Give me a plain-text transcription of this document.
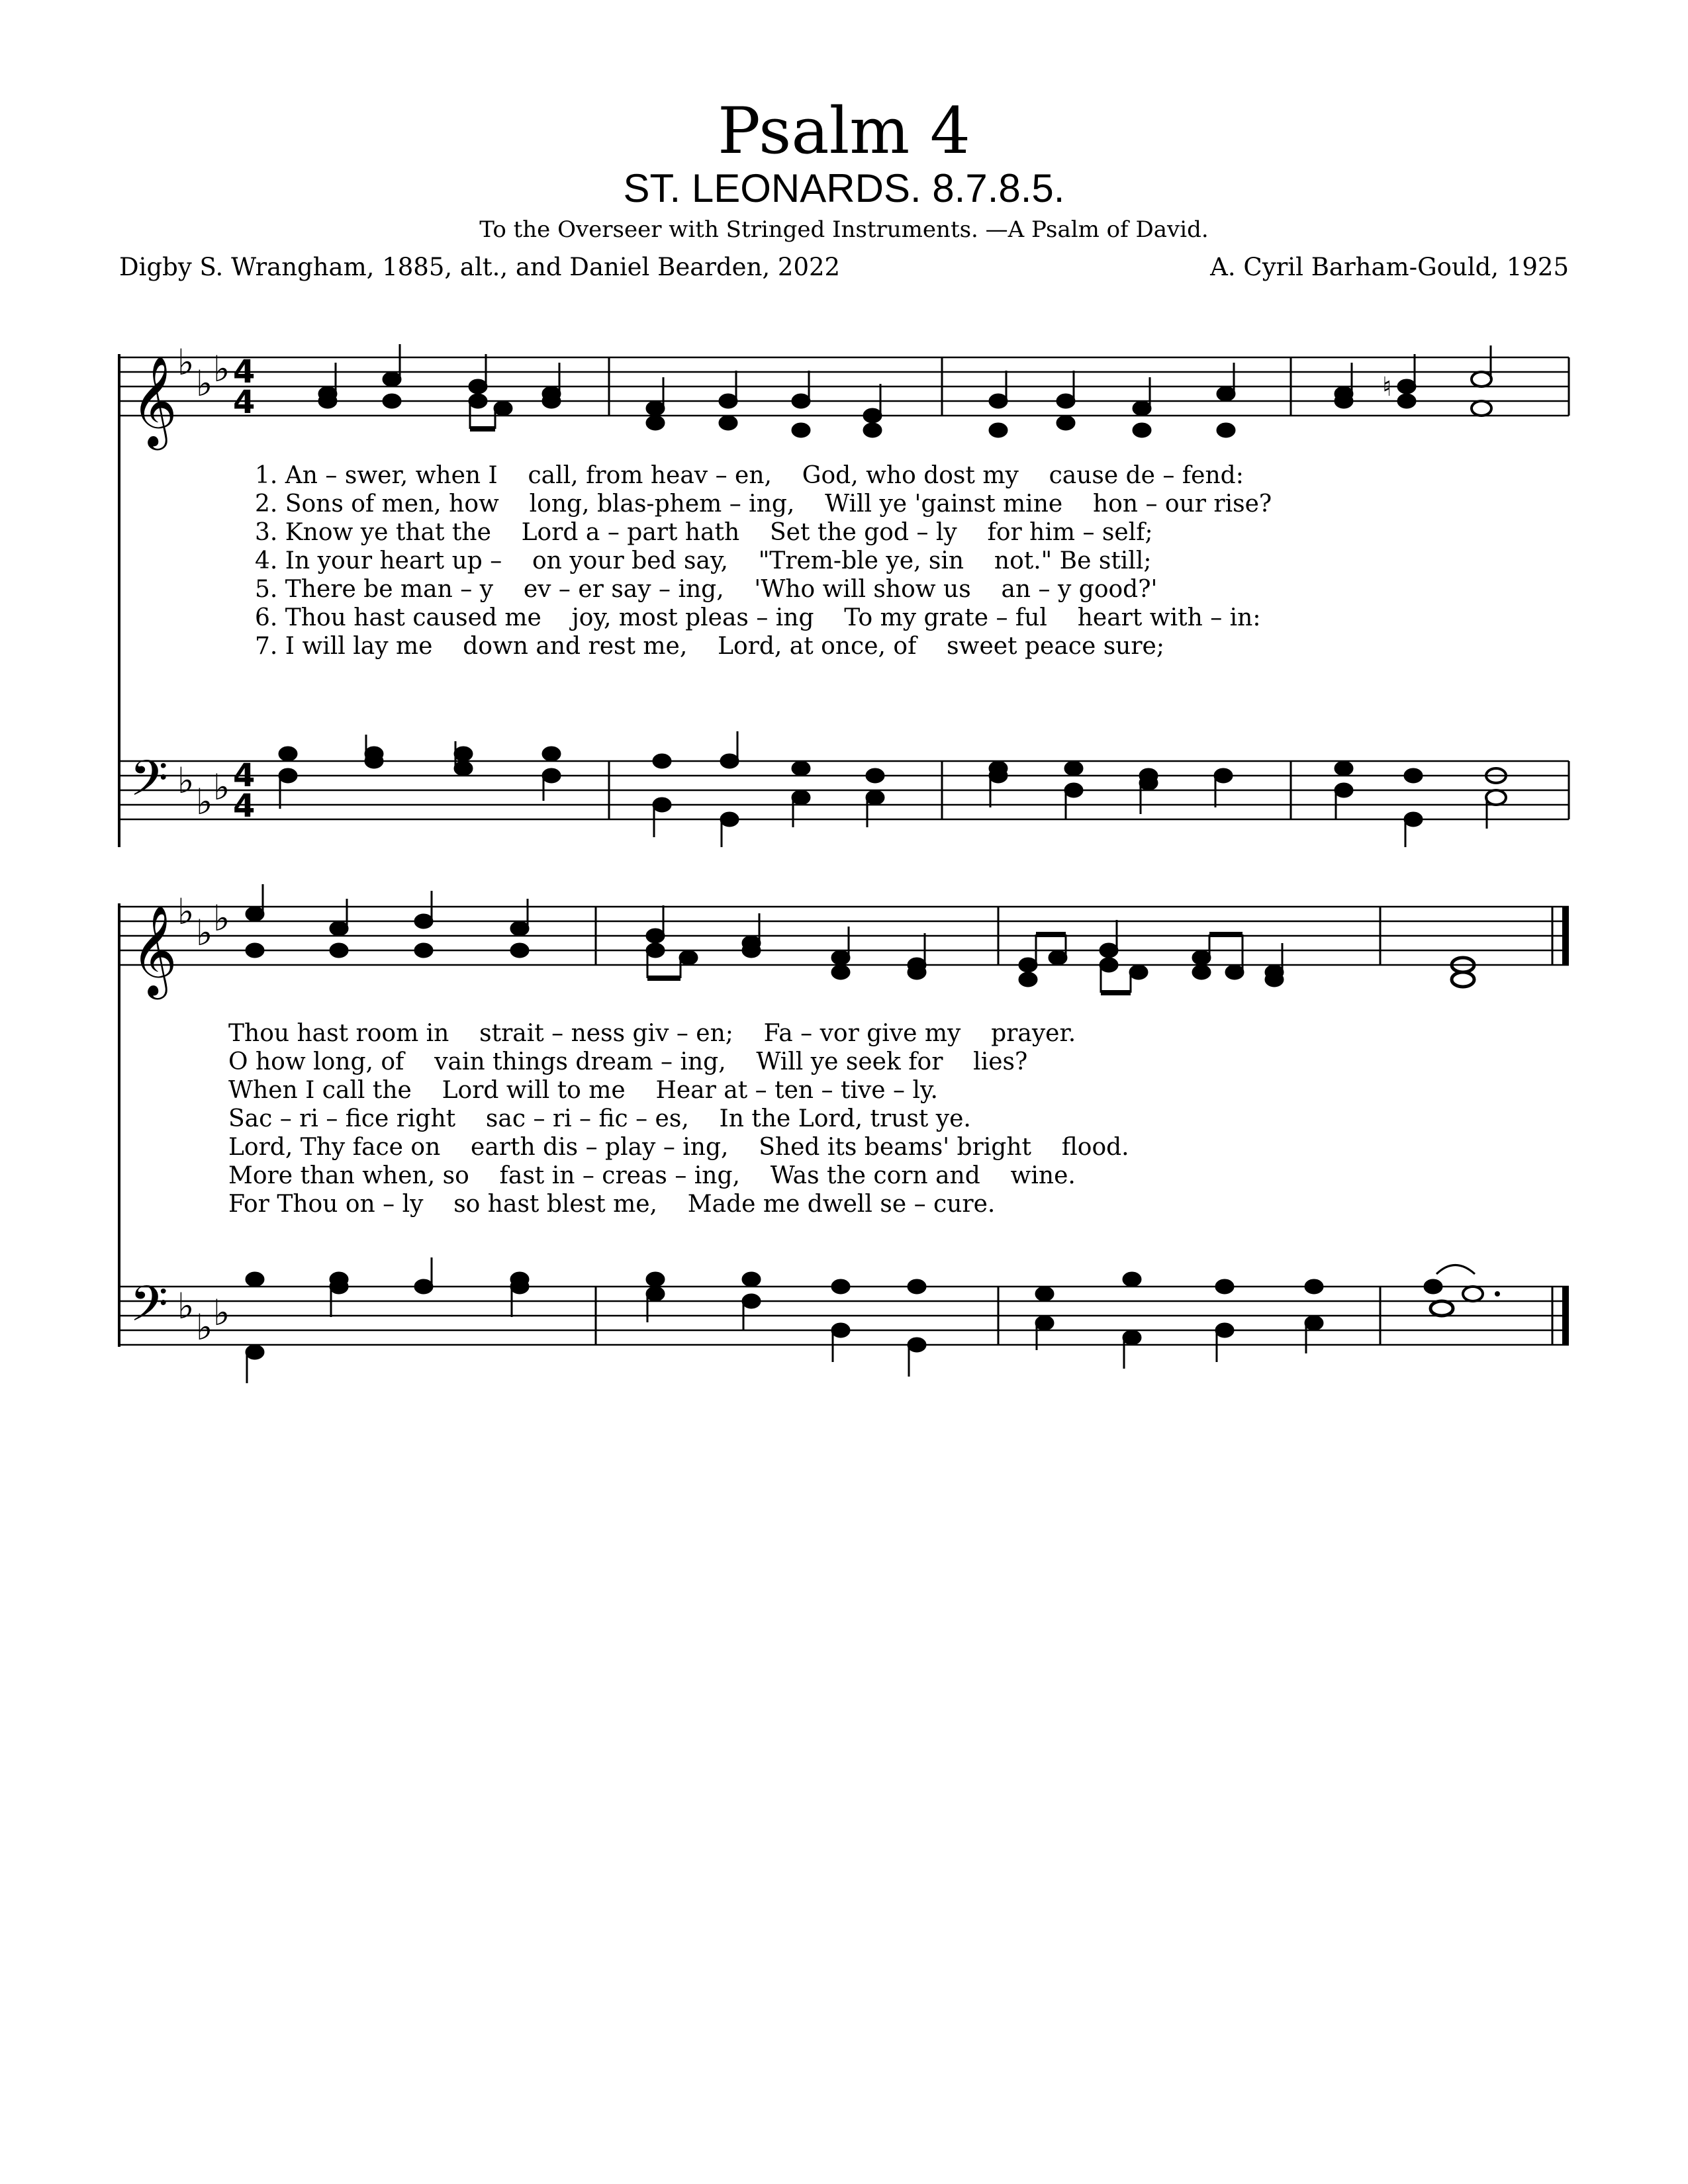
Psalm 4
ST. LEONARDS. 8.7.8.5.
To the Overseer with Stringed Instruments. —A Psalm of David.
Digby S. Wrangham, 1885, alt., and Daniel Bearden, 2022	A. Cyril Barham-Gould, 1925
𝄞
𝄢
♭
♭ ♭
♭
♭ ♭
4
4
4
4
♮
𝄞
𝄢
♭
♭ ♭
♭
♭ ♭
1. An – swer, when I    call, from heav – en,    God, who dost my    cause de – fend:
2. Sons of men, how    long, blas-phem – ing,    Will ye 'gainst mine    hon – our rise?
3. Know ye that the    Lord a – part hath    Set the god – ly    for him – self;
4. In your heart up –    on your bed say,    "Trem-ble ye, sin    not." Be still;
5. There be man – y    ev – er say – ing,    'Who will show us    an – y good?'
6. Thou hast caused me    joy, most pleas – ing    To my grate – ful    heart with – in:
7. I will lay me    down and rest me,    Lord, at once, of    sweet peace sure;
Thou hast room in    strait – ness giv – en;    Fa – vor give my    prayer.
O how long, of    vain things dream – ing,    Will ye seek for    lies?
When I call the    Lord will to me    Hear at – ten – tive – ly.
Sac – ri – fice right    sac – ri – fic – es,    In the Lord, trust ye.
Lord, Thy face on    earth dis – play – ing,    Shed its beams' bright    flood.
More than when, so    fast in – creas – ing,    Was the corn and    wine.
For Thou on – ly    so hast blest me,    Made me dwell se – cure.
